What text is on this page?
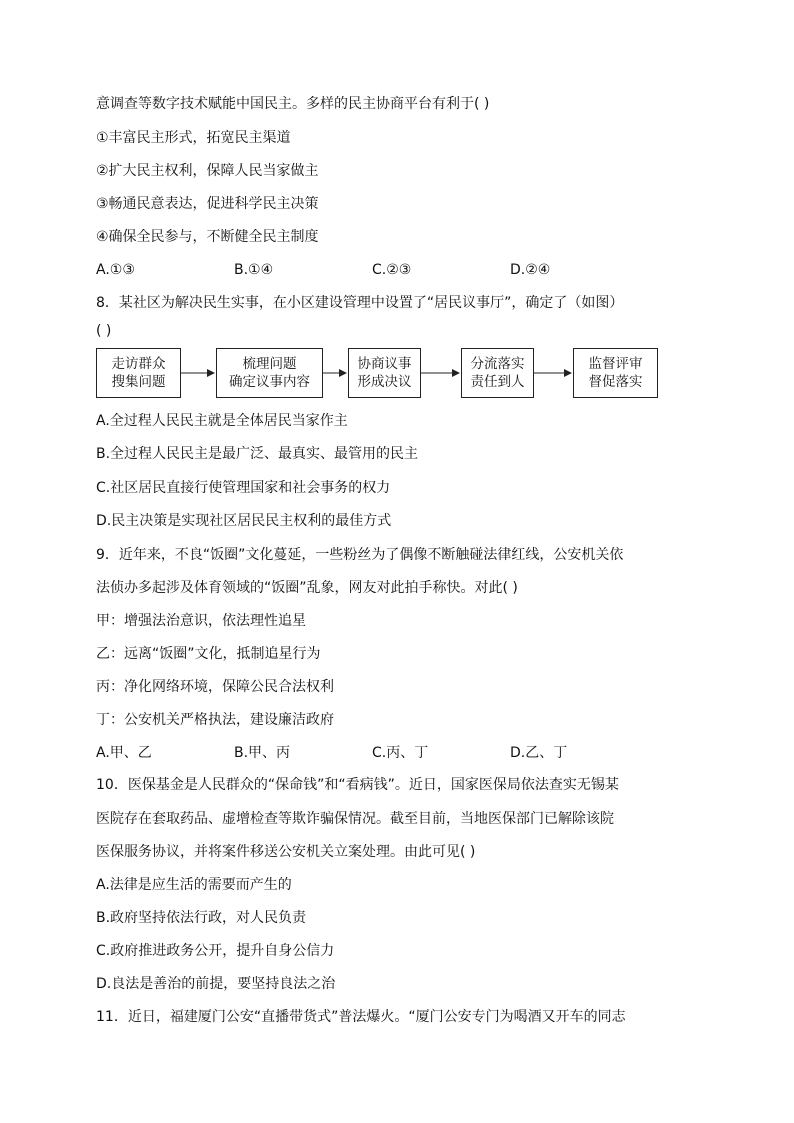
意调查等数字技术赋能中国民主。多样的民主协商平台有利于( )
①丰富民主形式，拓宽民主渠道
②扩大民主权利，保障人民当家做主
③畅通民意表达，促进科学民主决策
④确保全民参与，不断健全民主制度
A.①③	B.①④	C.②③	D.②④
8．某社区为解决民生实事，在小区建设管理中设置了“居民议事厅”，确定了（如图）
( )
走访群众
搜集问题
梳理问题
确定议事内容
协商议事
形成决议
分流落实
责任到人
监督评审
督促落实
A.全过程人民民主就是全体居民当家作主
B.全过程人民民主是最广泛、最真实、最管用的民主
C.社区居民直接行使管理国家和社会事务的权力
D.民主决策是实现社区居民民主权利的最佳方式
9．近年来，不良“饭圈”文化蔓延，一些粉丝为了偶像不断触碰法律红线，公安机关依
法侦办多起涉及体育领域的“饭圈”乱象，网友对此拍手称快。对此( )
甲：增强法治意识，依法理性追星
乙：远离“饭圈”文化，抵制追星行为
丙：净化网络环境，保障公民合法权利
丁：公安机关严格执法，建设廉洁政府
A.甲、乙	B.甲、丙	C.丙、丁	D.乙、丁
10．医保基金是人民群众的“保命钱”和“看病钱”。近日，国家医保局依法查实无锡某
医院存在套取药品、虚增检查等欺诈骗保情况。截至目前，当地医保部门已解除该院
医保服务协议，并将案件移送公安机关立案处理。由此可见( )
A.法律是应生活的需要而产生的
B.政府坚持依法行政，对人民负责
C.政府推进政务公开，提升自身公信力
D.良法是善治的前提，要坚持良法之治
11．近日，福建厦门公安“直播带货式”普法爆火。“厦门公安专门为喝酒又开车的同志
